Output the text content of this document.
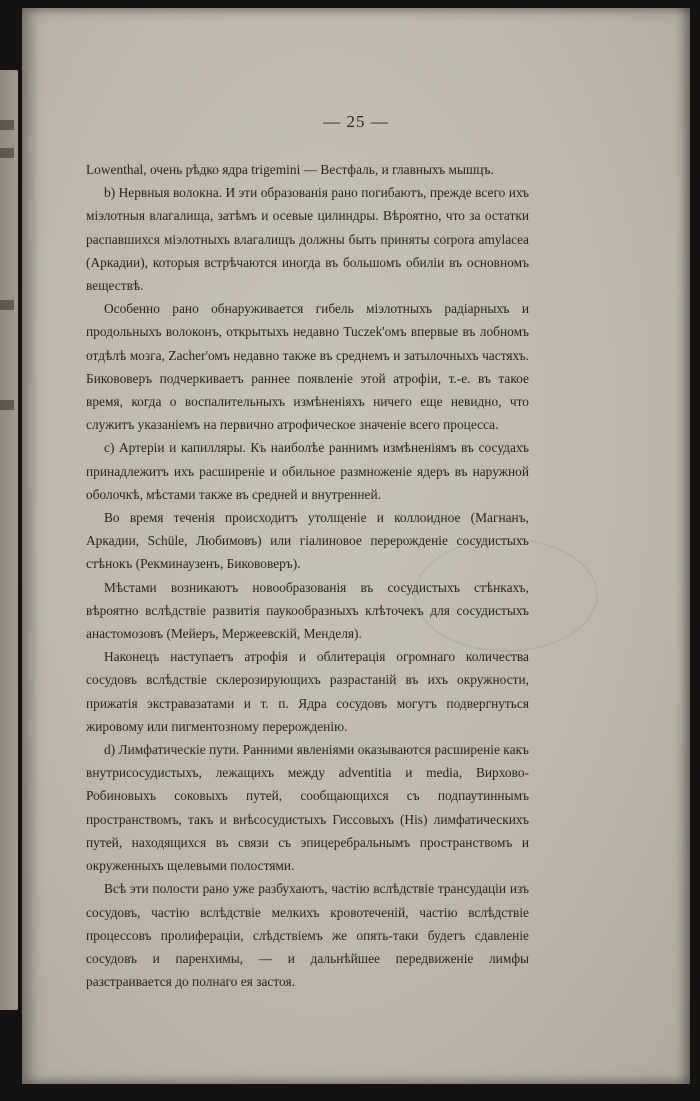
— 25 —

Lowenthal, очень рѣдко ядра trigemini — Вестфаль, и главныхъ мышцъ.

b) Нервныя волокна. И эти образованія рано погибаютъ, прежде всего ихъ міэлотныя влагалища, затѣмъ и осевые цилиндры. Вѣроятно, что за остатки распавшихся міэлотныхъ влагалищъ должны быть приняты corpora amylacea (Аркадии), которыя встрѣчаются иногда въ большомъ обиліи въ основномъ веществѣ.

Особенно рано обнаруживается гибель міэлотныхъ радіарныхъ и продольныхъ волоконъ, открытыхъ недавно Tuczek'омъ впервые въ лобномъ отдѣлѣ мозга, Zacher'омъ недавно также въ среднемъ и затылочныхъ частяхъ. Бикововеръ подчеркиваетъ раннее появленіе этой атрофіи, т.-е. въ такое время, когда о воспалительныхъ измѣненіяхъ ничего еще невидно, что служитъ указаніемъ на первично атрофическое значеніе всего процесса.

c) Артеріи и капилляры. Къ наиболѣе раннимъ измѣненіямъ въ сосудахъ принадлежитъ ихъ расширеніе и обильное размноженіе ядеръ въ наружной оболочкѣ, мѣстами также въ средней и внутренней.

Во время теченія происходитъ утолщеніе и коллоидное (Магнанъ, Аркадии, Schüle, Любимовъ) или гіалиновое перерожденіе сосудистыхъ стѣнокъ (Рекминаузенъ, Бикововеръ).

Мѣстами возникаютъ новообразованія въ сосудистыхъ стѣнкахъ, вѣроятно вслѣдствіе развитія паукообразныхъ клѣточекъ для сосудистыхъ анастомозовъ (Мейеръ, Мержеевскій, Менделя).

Наконецъ наступаетъ атрофія и облитерація огромнаго количества сосудовъ вслѣдствіе склерозирующихъ разрастаній въ ихъ окружности, прижатія экстравазатами и т. п. Ядра сосудовъ могутъ подвергнуться жировому или пигментозному перерожденію.

d) Лимфатическіе пути. Ранними явленіями оказываются расширеніе какъ внутрисосудистыхъ, лежащихъ между adventitia и media, Вирхово-Робиновыхъ соковыхъ путей, сообщающихся съ подпаутиннымъ пространствомъ, такъ и внѣсосудистыхъ Гиссовыхъ (His) лимфатическихъ путей, находящихся въ связи съ эпицеребральнымъ пространствомъ и окруженныхъ щелевыми полостями.

Всѣ эти полости рано уже разбухаютъ, частію вслѣдствіе трансудаціи изъ сосудовъ, частію вслѣдствіе мелкихъ кровотеченій, частію вслѣдствіе процессовъ пролифераціи, слѣдствіемъ же опять-таки будетъ сдавленіе сосудовъ и паренхимы, — и дальнѣйшее передвиженіе лимфы разстраивается до полнаго ея застоя.
